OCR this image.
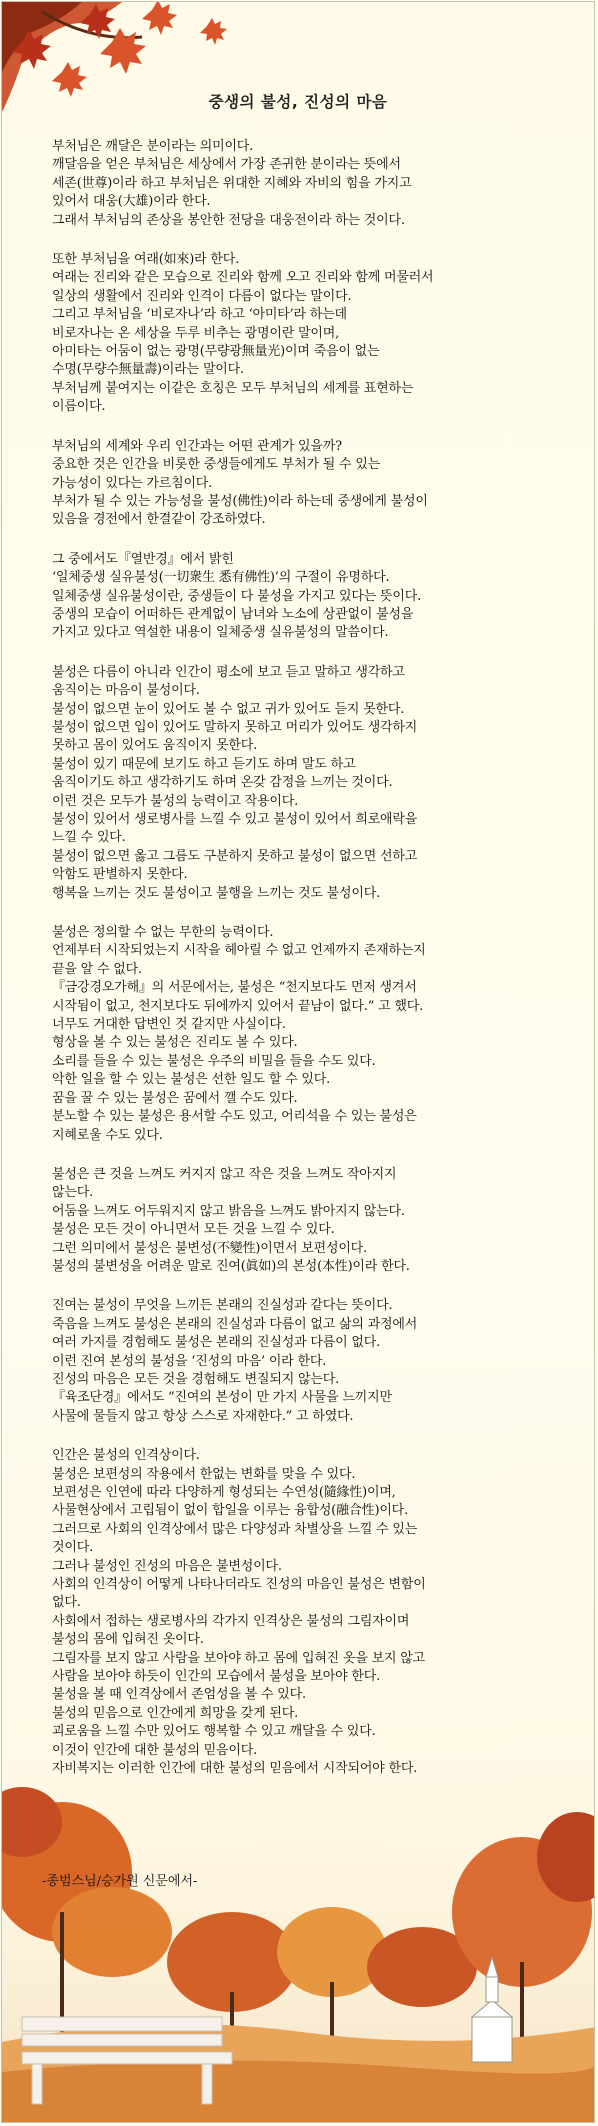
중생의 불성, 진성의 마음
부처님은 깨달은 분이라는 의미이다.
깨달음을 얻은 부처님은 세상에서 가장 존귀한 분이라는 뜻에서
세존(世尊)이라 하고 부처님은 위대한 지혜와 자비의 힘을 가지고
있어서 대웅(大雄)이라 한다.
그래서 부처님의 존상을 봉안한 전당을 대웅전이라 하는 것이다.
또한 부처님을 여래(如來)라 한다.
여래는 진리와 같은 모습으로 진리와 함께 오고 진리와 함께 머물러서
일상의 생활에서 진리와 인격이 다름이 없다는 말이다.
그리고 부처님을 ‘비로자나’라 하고 ‘아미타’라 하는데
비로자나는 온 세상을 두루 비추는 광명이란 말이며,
아미타는 어둠이 없는 광명(무량광無量光)이며 죽음이 없는
수명(무량수無量壽)이라는 말이다.
부처님께 붙여지는 이같은 호칭은 모두 부처님의 세계를 표현하는
이름이다.
부처님의 세계와 우리 인간과는 어떤 관계가 있을까?
중요한 것은 인간을 비롯한 중생들에게도 부처가 될 수 있는
가능성이 있다는 가르침이다.
부처가 될 수 있는 가능성을 불성(佛性)이라 하는데 중생에게 불성이
있음을 경전에서 한결같이 강조하였다.
그 중에서도『열반경』에서 밝힌
‘일체중생 실유불성(一切衆生 悉有佛性)’의 구절이 유명하다.
일체중생 실유불성이란, 중생들이 다 불성을 가지고 있다는 뜻이다.
중생의 모습이 어떠하든 관계없이 남녀와 노소에 상관없이 불성을
가지고 있다고 역설한 내용이 일체중생 실유불성의 말씀이다.
불성은 다름이 아니라 인간이 평소에 보고 듣고 말하고 생각하고
움직이는 마음이 불성이다.
불성이 없으면 눈이 있어도 볼 수 없고 귀가 있어도 듣지 못한다.
불성이 없으면 입이 있어도 말하지 못하고 머리가 있어도 생각하지
못하고 몸이 있어도 움직이지 못한다.
불성이 있기 때문에 보기도 하고 듣기도 하며 말도 하고
움직이기도 하고 생각하기도 하며 온갖 감정을 느끼는 것이다.
이런 것은 모두가 불성의 능력이고 작용이다.
불성이 있어서 생로병사를 느낄 수 있고 불성이 있어서 희로애락을
느낄 수 있다.
불성이 없으면 옳고 그름도 구분하지 못하고 불성이 없으면 선하고
악함도 판별하지 못한다.
행복을 느끼는 것도 불성이고 불행을 느끼는 것도 불성이다.
불성은 정의할 수 없는 무한의 능력이다.
언제부터 시작되었는지 시작을 헤아릴 수 없고 언제까지 존재하는지
끝을 알 수 없다.
『금강경오가해』의 서문에서는, 불성은 “천지보다도 먼저 생겨서
시작됨이 없고, 천지보다도 뒤에까지 있어서 끝남이 없다.” 고 했다.
너무도 거대한 답변인 것 같지만 사실이다.
형상을 볼 수 있는 불성은 진리도 볼 수 있다.
소리를 들을 수 있는 불성은 우주의 비밀을 들을 수도 있다.
악한 일을 할 수 있는 불성은 선한 일도 할 수 있다.
꿈을 꿀 수 있는 불성은 꿈에서 깰 수도 있다.
분노할 수 있는 불성은 용서할 수도 있고, 어리석을 수 있는 불성은
지혜로울 수도 있다.
불성은 큰 것을 느껴도 커지지 않고 작은 것을 느껴도 작아지지
않는다.
어둠을 느껴도 어두워지지 않고 밝음을 느껴도 밝아지지 않는다.
불성은 모든 것이 아니면서 모든 것을 느낄 수 있다.
그런 의미에서 불성은 불변성(不變性)이면서 보편성이다.
불성의 불변성을 어려운 말로 진여(眞如)의 본성(本性)이라 한다.
진여는 불성이 무엇을 느끼든 본래의 진실성과 같다는 뜻이다.
죽음을 느껴도 불성은 본래의 진실성과 다름이 없고 삶의 과정에서
여러 가지를 경험해도 불성은 본래의 진실성과 다름이 없다.
이런 진여 본성의 불성을 ‘진성의 마음’ 이라 한다.
진성의 마음은 모든 것을 경험해도 변질되지 않는다.
『육조단경』에서도 “진여의 본성이 만 가지 사물을 느끼지만
사물에 물들지 않고 항상 스스로 자재한다.” 고 하였다.
인간은 불성의 인격상이다.
불성은 보편성의 작용에서 한없는 변화를 맞을 수 있다.
보편성은 인연에 따라 다양하게 형성되는 수연성(隨緣性)이며,
사물현상에서 고립됨이 없이 합일을 이루는 융합성(融合性)이다.
그러므로 사회의 인격상에서 많은 다양성과 차별상을 느낄 수 있는
것이다.
그러나 불성인 진성의 마음은 불변성이다.
사회의 인격상이 어떻게 나타나더라도 진성의 마음인 불성은 변함이
없다.
사회에서 접하는 생로병사의 각가지 인격상은 불성의 그림자이며
불성의 몸에 입혀진 옷이다.
그림자를 보지 않고 사람을 보아야 하고 몸에 입혀진 옷을 보지 않고
사람을 보아야 하듯이 인간의 모습에서 불성을 보아야 한다.
불성을 볼 때 인격상에서 존엄성을 볼 수 있다.
불성의 믿음으로 인간에게 희망을 갖게 된다.
괴로움을 느낄 수만 있어도 행복할 수 있고 깨달을 수 있다.
이것이 인간에 대한 불성의 믿음이다.
-종범스님/승가원 신문에서-
